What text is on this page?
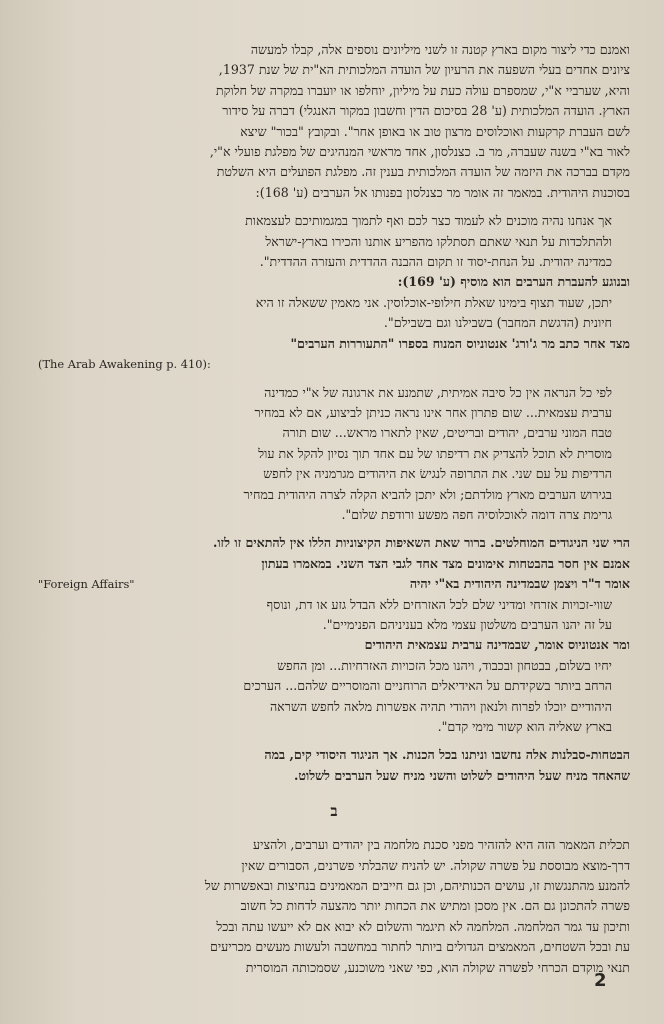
ואמנם כדי ליצור מקום בארץ קטנה זו לשני מיליונים נוספים אלה, קבלו למעשה

ציונים אחדים בעלי השפעה את הרעיון של הועדה המלכותית הא"ית של שנת 1937,

והיא, שערביי א"י, שמספרם עולה כעת על מיליון, יוחלפו או יועברו במקרה של חלוקת

הארץ. הועדה המלכותית (ע' 28 בסיכום הדין וחשבון במקור האנגלי) דברה על סידור

לשם העברת קרקעות ואוכלוסים מרצון טוב או באופן אחר". ובקובץ "בכור" שיצא

לאור בא"י בשנה שעברה, מר ב. כצנלסון, אחד מראשי המנהיגים של מפלגת פועלי א"י,

מקדם בברכה את היזמה של הועדה המלכותית בענין זה. מפלגת הפועלים היא השלטת

בסוכנות היהודית. במאמר זה אומר מר כצנלסון בפנותו אל הערבים (ע' 168):

אך אנחנו נהיה מוכנים לא לעמוד כצר לכם ואף לתמוך במגמותיכם לעצמאות

ולהתלכדות על תנאי שאתם תסתלקו מהפריע אותנו והכירו בארץ-ישראל

כמדינה יהודית. על הנחת-יסוד זו תקום ההבנה ההדדית והעזרה ההדדית".

ובנוגע להעברת הערבים הוא מוסיף (ע' 169):

יתכן, שעוד תצוף בימינו שאלת חילופי-אוכלוסין. אני מאמין ששאלה זו היא

חיונית (הדגשת המחבר) בשבילנו וגם בשבילם".

מצד אחר כתב מר ג'ורג' אנטוניוס המנוח בספרו "התעוררות הערבים"

(The Arab Awakening p. 410):

לפי כל הנראה אין כל סיבה אמיתית, שתמנע את ארגונה של א"י כמדינה

ערבית עצמאית... שום פתרון אחר אינו נראה כניתן לביצוע, אם לא במחיר

טבח המוני ערבים, יהודים ובריטים, שאין לתארו מראש... שום תורה

מוסרית לא תוכל להצדיק את רדיפתו של עם אחד תוך נסיון להקל את עול

הרדיפות על עם שני. את התרופה לנגישׂ את היהודים מגרמניה אין לחפש

בגירוש הערבים מארץ מולדתם; ולא יתכן להביא הקלה לצרה היהודית במחיר

גרימת צרה דומה לאוכלוסיה חפה מפשע ורודפת שלום".

הרי שני הניגודים המוחלטים. ברור שאת השאיפות הקיצוניות הללו אין להתאים זו לזו.

אמנם אין חסר בהבטחות אימונים מצד אחד לגבי הצד השני. במאמרו בעתון

אומר ד"ר ויצמן שבמדינה היהודית בא"י יהיה
"Foreign Affairs"

שווי-זכויות אזרחי ומדיני שלם לכל האזרחים ללא הבדל גזע או דת, ונוסף

על זה יהנו הערבים משלטון עצמי מלא בעניניהם הפנימיים".

ומר אנטוניוס אומר, שבמדינה ערבית עצמאית היהודים

יחיו בשלום, בבטחון ובכבוד, ויהנו מכל הזכויות האזרחיות... ומן החפש

הרחב ביותר בשקידתם על האידיאלים הרוחניים והמוסריים שלהם... הערכים

היהודיים יוכלו לפרוח ולנאון ויהודי תהיה אפשרות מלאה לחפש השראה

בארץ שאליה הוא קשור מימי קדם".

הבטחות-סבלנות אלה נחשבו וניתנו בכל הכנות. אך הניגוד היסודי קים, במה

שהאחד מניח שעל היהודים לשלוט והשני מניח שעל הערבים לשלוט.

ב

תכלית המאמר הזה היא להזהיר מפני סכנת מלחמה בין יהודים וערבים, ולהציע

דרך-מוצא מבוססת על פשרה שקולה. יש להניח שהבלתי פשרנים, הסבורים שאין

להמנע מהתנגשות זו, עושים הכנותיהם, וכן גם חייבים המאמינים בנחיצות ובאפשרות של

פשרה להתכונן גם הם. אין מסכן ומתיש את הכחות יותר מהצעה לדחות כל חשוב

ותיכון עד גמר המלחמה. המלחמה לא תיגמר והשלום לא יבוא אם לא ייעשו עתה ובכל

עת ובכל השטחים, המאמצים הגדולים ביותר לחתור במחשבה ולעשות מעשים מכריעים

תנאי מוקדם הכרחי לפשרה שקולה הוא, כפי שאני משוכנע, שסמכותה המוסרית

2
